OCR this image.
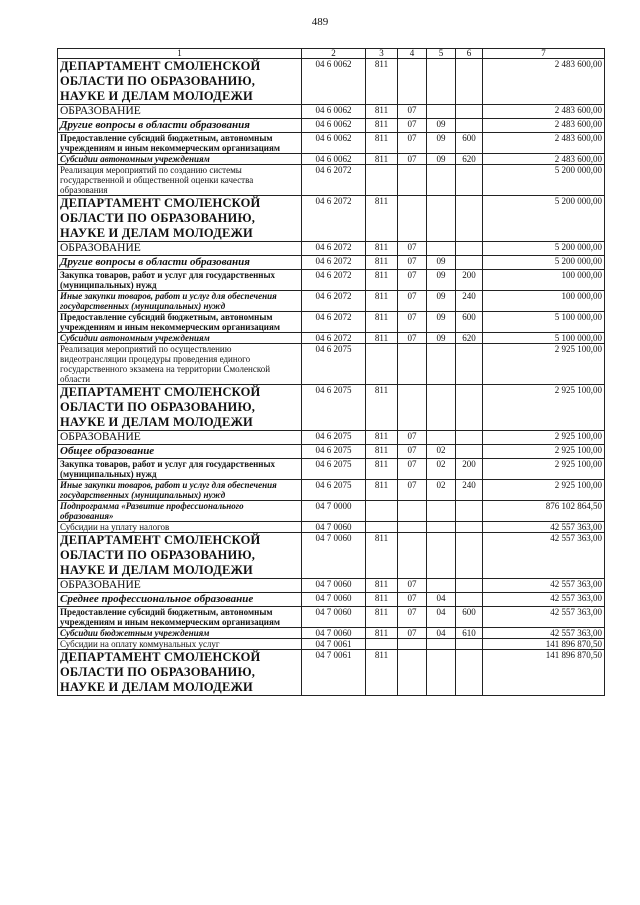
489
1	2	3	4	5	6	7
ДЕПАРТАМЕНТ СМОЛЕНСКОЙ ОБЛАСТИ ПО ОБРАЗОВАНИЮ, НАУКЕ И ДЕЛАМ МОЛОДЕЖИ	04 6 0062	811				2 483 600,00
ОБРАЗОВАНИЕ	04 6 0062	811	07			2 483 600,00
Другие вопросы в области образования	04 6 0062	811	07	09		2 483 600,00
Предоставление субсидий бюджетным, автономным учреждениям и иным некоммерческим организациям	04 6 0062	811	07	09	600	2 483 600,00
Субсидии автономным учреждениям	04 6 0062	811	07	09	620	2 483 600,00
Реализация мероприятий по созданию системы государственной и общественной оценки качества образования	04 6 2072					5 200 000,00
ДЕПАРТАМЕНТ СМОЛЕНСКОЙ ОБЛАСТИ ПО ОБРАЗОВАНИЮ, НАУКЕ И ДЕЛАМ МОЛОДЕЖИ	04 6 2072	811				5 200 000,00
ОБРАЗОВАНИЕ	04 6 2072	811	07			5 200 000,00
Другие вопросы в области образования	04 6 2072	811	07	09		5 200 000,00
Закупка товаров, работ и услуг для государственных (муниципальных) нужд	04 6 2072	811	07	09	200	100 000,00
Иные закупки товаров, работ и услуг для обеспечения государственных (муниципальных) нужд	04 6 2072	811	07	09	240	100 000,00
Предоставление субсидий бюджетным, автономным учреждениям и иным некоммерческим организациям	04 6 2072	811	07	09	600	5 100 000,00
Субсидии автономным учреждениям	04 6 2072	811	07	09	620	5 100 000,00
Реализация мероприятий по осуществлению видеотрансляции процедуры проведения единого государственного экзамена на территории Смоленской области	04 6 2075					2 925 100,00
ДЕПАРТАМЕНТ СМОЛЕНСКОЙ ОБЛАСТИ ПО ОБРАЗОВАНИЮ, НАУКЕ И ДЕЛАМ МОЛОДЕЖИ	04 6 2075	811				2 925 100,00
ОБРАЗОВАНИЕ	04 6 2075	811	07			2 925 100,00
Общее образование	04 6 2075	811	07	02		2 925 100,00
Закупка товаров, работ и услуг для государственных (муниципальных) нужд	04 6 2075	811	07	02	200	2 925 100,00
Иные закупки товаров, работ и услуг для обеспечения государственных (муниципальных) нужд	04 6 2075	811	07	02	240	2 925 100,00
Подпрограмма «Развитие профессионального образования»	04 7 0000					876 102 864,50
Субсидии на уплату налогов	04 7 0060					42 557 363,00
ДЕПАРТАМЕНТ СМОЛЕНСКОЙ ОБЛАСТИ ПО ОБРАЗОВАНИЮ, НАУКЕ И ДЕЛАМ МОЛОДЕЖИ	04 7 0060	811				42 557 363,00
ОБРАЗОВАНИЕ	04 7 0060	811	07			42 557 363,00
Среднее профессиональное образование	04 7 0060	811	07	04		42 557 363,00
Предоставление субсидий бюджетным, автономным учреждениям и иным некоммерческим организациям	04 7 0060	811	07	04	600	42 557 363,00
Субсидии бюджетным учреждениям	04 7 0060	811	07	04	610	42 557 363,00
Субсидии на оплату коммунальных услуг	04 7 0061					141 896 870,50
ДЕПАРТАМЕНТ СМОЛЕНСКОЙ ОБЛАСТИ ПО ОБРАЗОВАНИЮ, НАУКЕ И ДЕЛАМ МОЛОДЕЖИ	04 7 0061	811				141 896 870,50
